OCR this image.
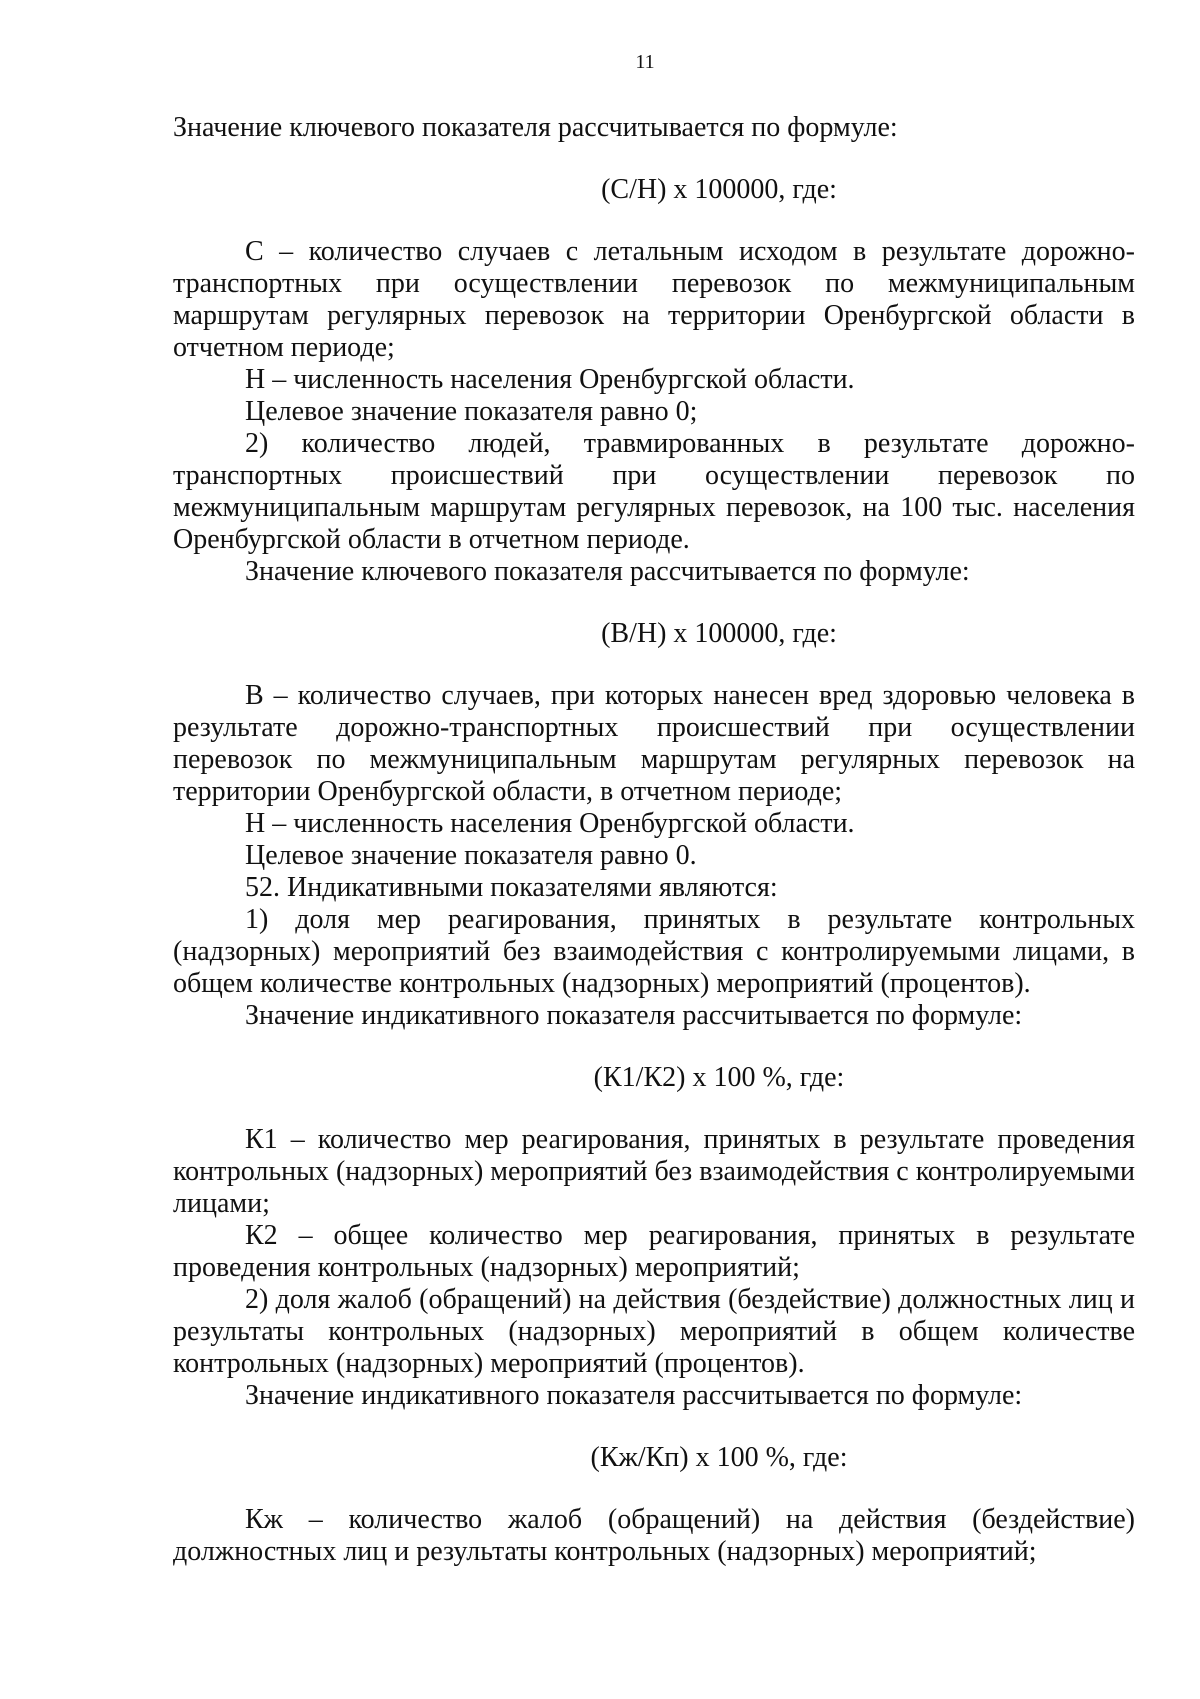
11

Значение ключевого показателя рассчитывается по формуле:

(С/Н) х 100000, где:

С – количество случаев с летальным исходом в результате дорожно-транспортных при осуществлении перевозок по межмуниципальным маршрутам регулярных перевозок на территории Оренбургской области в отчетном периоде;

Н – численность населения Оренбургской области.

Целевое значение показателя равно 0;

2) количество людей, травмированных в результате дорожно-транспортных происшествий при осуществлении перевозок по межмуниципальным маршрутам регулярных перевозок, на 100 тыс. населения Оренбургской области в отчетном периоде.

Значение ключевого показателя рассчитывается по формуле:

(В/Н) х 100000, где:

В – количество случаев, при которых нанесен вред здоровью человека в результате дорожно-транспортных происшествий при осуществлении перевозок по межмуниципальным маршрутам регулярных перевозок на территории Оренбургской области, в отчетном периоде;

Н – численность населения Оренбургской области.

Целевое значение показателя равно 0.

52. Индикативными показателями являются:

1) доля мер реагирования, принятых в результате контрольных (надзорных) мероприятий без взаимодействия с контролируемыми лицами, в общем количестве контрольных (надзорных) мероприятий (процентов).

Значение индикативного показателя рассчитывается по формуле:

(К1/К2) х 100 %, где:

К1 – количество мер реагирования, принятых в результате проведения контрольных (надзорных) мероприятий без взаимодействия с контролируемыми лицами;

К2 – общее количество мер реагирования, принятых в результате проведения контрольных (надзорных) мероприятий;

2) доля жалоб (обращений) на действия (бездействие) должностных лиц и результаты контрольных (надзорных) мероприятий в общем количестве контрольных (надзорных) мероприятий (процентов).

Значение индикативного показателя рассчитывается по формуле:

(Кж/Кп) х 100 %, где:

Кж – количество жалоб (обращений) на действия (бездействие) должностных лиц и результаты контрольных (надзорных) мероприятий;
